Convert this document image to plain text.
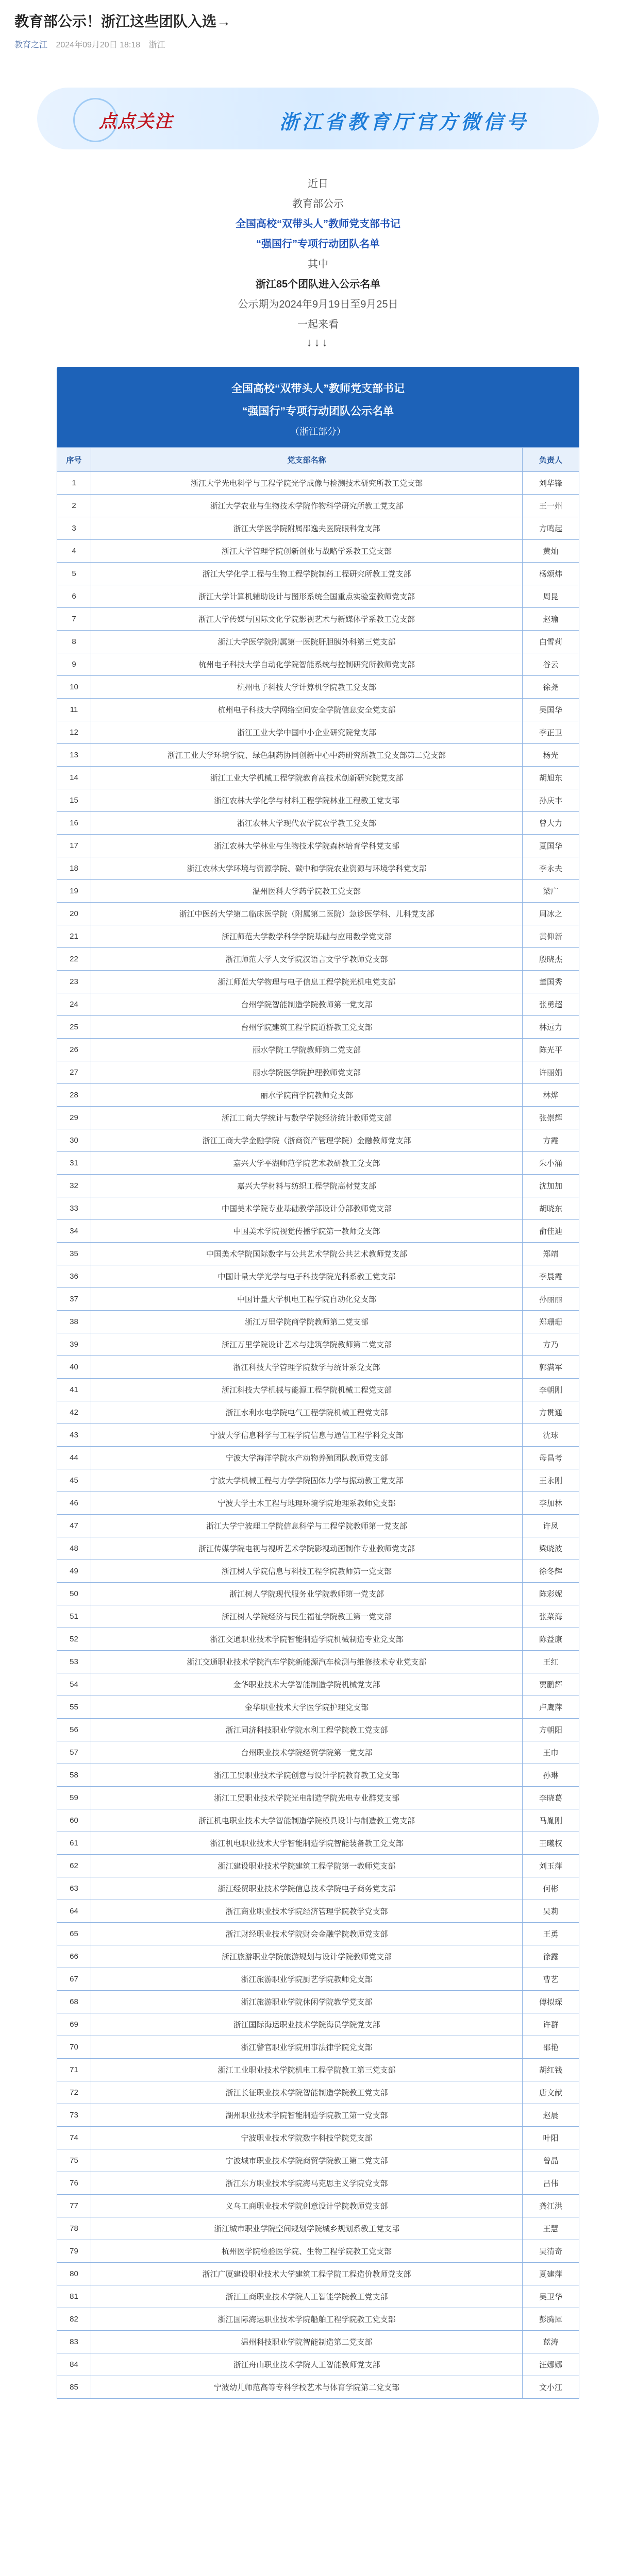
教育部公示！浙江这些团队入选→
教育之江 2024年09月20日 18:18 浙江
点点关注	浙江省教育厅官方微信号
近日
教育部公示
全国高校“双带头人”教师党支部书记
“强国行”专项行动团队名单
其中
浙江85个团队进入公示名单
公示期为2024年9月19日至9月25日
一起来看
↓↓↓
全国高校“双带头人”教师党支部书记
“强国行”专项行动团队公示名单
（浙江部分）
序号	党支部名称	负责人
1	浙江大学光电科学与工程学院光学成像与检测技术研究所教工党支部	刘华锋
2	浙江大学农业与生物技术学院作物科学研究所教工党支部	王一州
3	浙江大学医学院附属邵逸夫医院眼科党支部	方鸣起
4	浙江大学管理学院创新创业与战略学系教工党支部	黄灿
5	浙江大学化学工程与生物工程学院制药工程研究所教工党支部	杨颂炜
6	浙江大学计算机辅助设计与图形系统全国重点实验室教师党支部	周昆
7	浙江大学传媒与国际文化学院影视艺术与新媒体学系教工党支部	赵瑜
8	浙江大学医学院附属第一医院肝胆胰外科第三党支部	白雪莉
9	杭州电子科技大学自动化学院智能系统与控制研究所教师党支部	谷云
10	杭州电子科技大学计算机学院教工党支部	徐尧
11	杭州电子科技大学网络空间安全学院信息安全党支部	吴国华
12	浙江工业大学中国中小企业研究院党支部	李正卫
13	浙江工业大学环境学院、绿色制药协同创新中心中药研究所教工党支部第二党支部	杨光
14	浙江工业大学机械工程学院教育高技术创新研究院党支部	胡旭东
15	浙江农林大学化学与材料工程学院林业工程教工党支部	孙庆丰
16	浙江农林大学现代农学院农学教工党支部	曾大力
17	浙江农林大学林业与生物技术学院森林培育学科党支部	夏国华
18	浙江农林大学环境与资源学院、碳中和学院农业资源与环境学科党支部	李永夫
19	温州医科大学药学院教工党支部	梁广
20	浙江中医药大学第二临床医学院（附属第二医院）急诊医学科、儿科党支部	周冰之
21	浙江师范大学数学科学学院基础与应用数学党支部	黄仰新
22	浙江师范大学人文学院汉语言文学学教师党支部	殷晓杰
23	浙江师范大学物理与电子信息工程学院光机电党支部	董国秀
24	台州学院智能制造学院教师第一党支部	张勇超
25	台州学院建筑工程学院道桥教工党支部	林远力
26	丽水学院工学院教师第二党支部	陈光平
27	丽水学院医学院护理教师党支部	许丽娟
28	丽水学院商学院教师党支部	林烨
29	浙江工商大学统计与数学学院经济统计教师党支部	张崇辉
30	浙江工商大学金融学院（浙商资产管理学院）金融教师党支部	方霞
31	嘉兴大学平湖师范学院艺术教研教工党支部	朱小涌
32	嘉兴大学材料与纺织工程学院高材党支部	沈加加
33	中国美术学院专业基础教学部设计分部教师党支部	胡晓东
34	中国美术学院视觉传播学院第一教师党支部	俞佳迪
35	中国美术学院国际数字与公共艺术学院公共艺术教师党支部	郑靖
36	中国计量大学光学与电子科技学院光科系教工党支部	李晨霞
37	中国计量大学机电工程学院自动化党支部	孙丽丽
38	浙江万里学院商学院教师第二党支部	郑珊珊
39	浙江万里学院设计艺术与建筑学院教师第二党支部	方乃
40	浙江科技大学管理学院数学与统计系党支部	郭满军
41	浙江科技大学机械与能源工程学院机械工程党支部	李朝刚
42	浙江水利水电学院电气工程学院机械工程党支部	方贯通
43	宁波大学信息科学与工程学院信息与通信工程学科党支部	沈球
44	宁波大学海洋学院水产动物养殖团队教师党支部	母昌考
45	宁波大学机械工程与力学学院固体力学与振动教工党支部	王永刚
46	宁波大学土木工程与地理环境学院地理系教师党支部	李加林
47	浙江大学宁波理工学院信息科学与工程学院教师第一党支部	许凤
48	浙江传媒学院电视与视听艺术学院影视动画制作专业教师党支部	梁晓波
49	浙江树人学院信息与科技工程学院教师第一党支部	徐冬辉
50	浙江树人学院现代服务业学院教师第一党支部	陈彩妮
51	浙江树人学院经济与民生福祉学院教工第一党支部	张菜海
52	浙江交通职业技术学院智能制造学院机械制造专业党支部	陈益康
53	浙江交通职业技术学院汽车学院新能源汽车检测与维修技术专业党支部	王红
54	金华职业技术大学智能制造学院机械党支部	贾鹏辉
55	金华职业技术大学医学院护理党支部	卢鹰萍
56	浙江同济科技职业学院水利工程学院教工党支部	方朝阳
57	台州职业技术学院经贸学院第一党支部	王巾
58	浙江工贸职业技术学院创意与设计学院教育教工党支部	孙琳
59	浙江工贸职业技术学院光电制造学院光电专业群党支部	李晓葛
60	浙江机电职业技术大学智能制造学院模具设计与制造教工党支部	马胤刚
61	浙江机电职业技术大学智能制造学院智能装备教工党支部	王曦权
62	浙江建设职业技术学院建筑工程学院第一教师党支部	刘玉萍
63	浙江经贸职业技术学院信息技术学院电子商务党支部	何彬
64	浙江商业职业技术学院经济管理学院教学党支部	吴莉
65	浙江财经职业技术学院财会金融学院教师党支部	王勇
66	浙江旅游职业学院旅游规划与设计学院教师党支部	徐露
67	浙江旅游职业学院厨艺学院教师党支部	曹艺
68	浙江旅游职业学院休闲学院教学党支部	傅拟琛
69	浙江国际海运职业技术学院海员学院党支部	许群
70	浙江警官职业学院刑事法律学院党支部	邵艳
71	浙江工业职业技术学院机电工程学院教工第三党支部	胡红钱
72	浙江长征职业技术学院智能制造学院教工党支部	唐文献
73	湖州职业技术学院智能制造学院教工第一党支部	赵晨
74	宁波职业技术学院数字科技学院党支部	叶阳
75	宁波城市职业技术学院商贸学院教工第二党支部	曾晶
76	浙江东方职业技术学院海马克思主义学院党支部	吕伟
77	义乌工商职业技术学院创意设计学院教师党支部	龚江洪
78	浙江城市职业学院空间规划学院城乡规划系教工党支部	王慧
79	杭州医学院检验医学院、生物工程学院教工党支部	吴清奇
80	浙江广厦建设职业技术大学建筑工程学院工程造价教师党支部	夏建萍
81	浙江工商职业技术学院人工智能学院教工党支部	吴卫华
82	浙江国际海运职业技术学院船舶工程学院教工党支部	彭腾犀
83	温州科技职业学院智能制造第二党支部	蓝涛
84	浙江舟山职业技术学院人工智能教师党支部	汪娜娜
85	宁波幼儿师范高等专科学校艺术与体育学院第二党支部	文小江
